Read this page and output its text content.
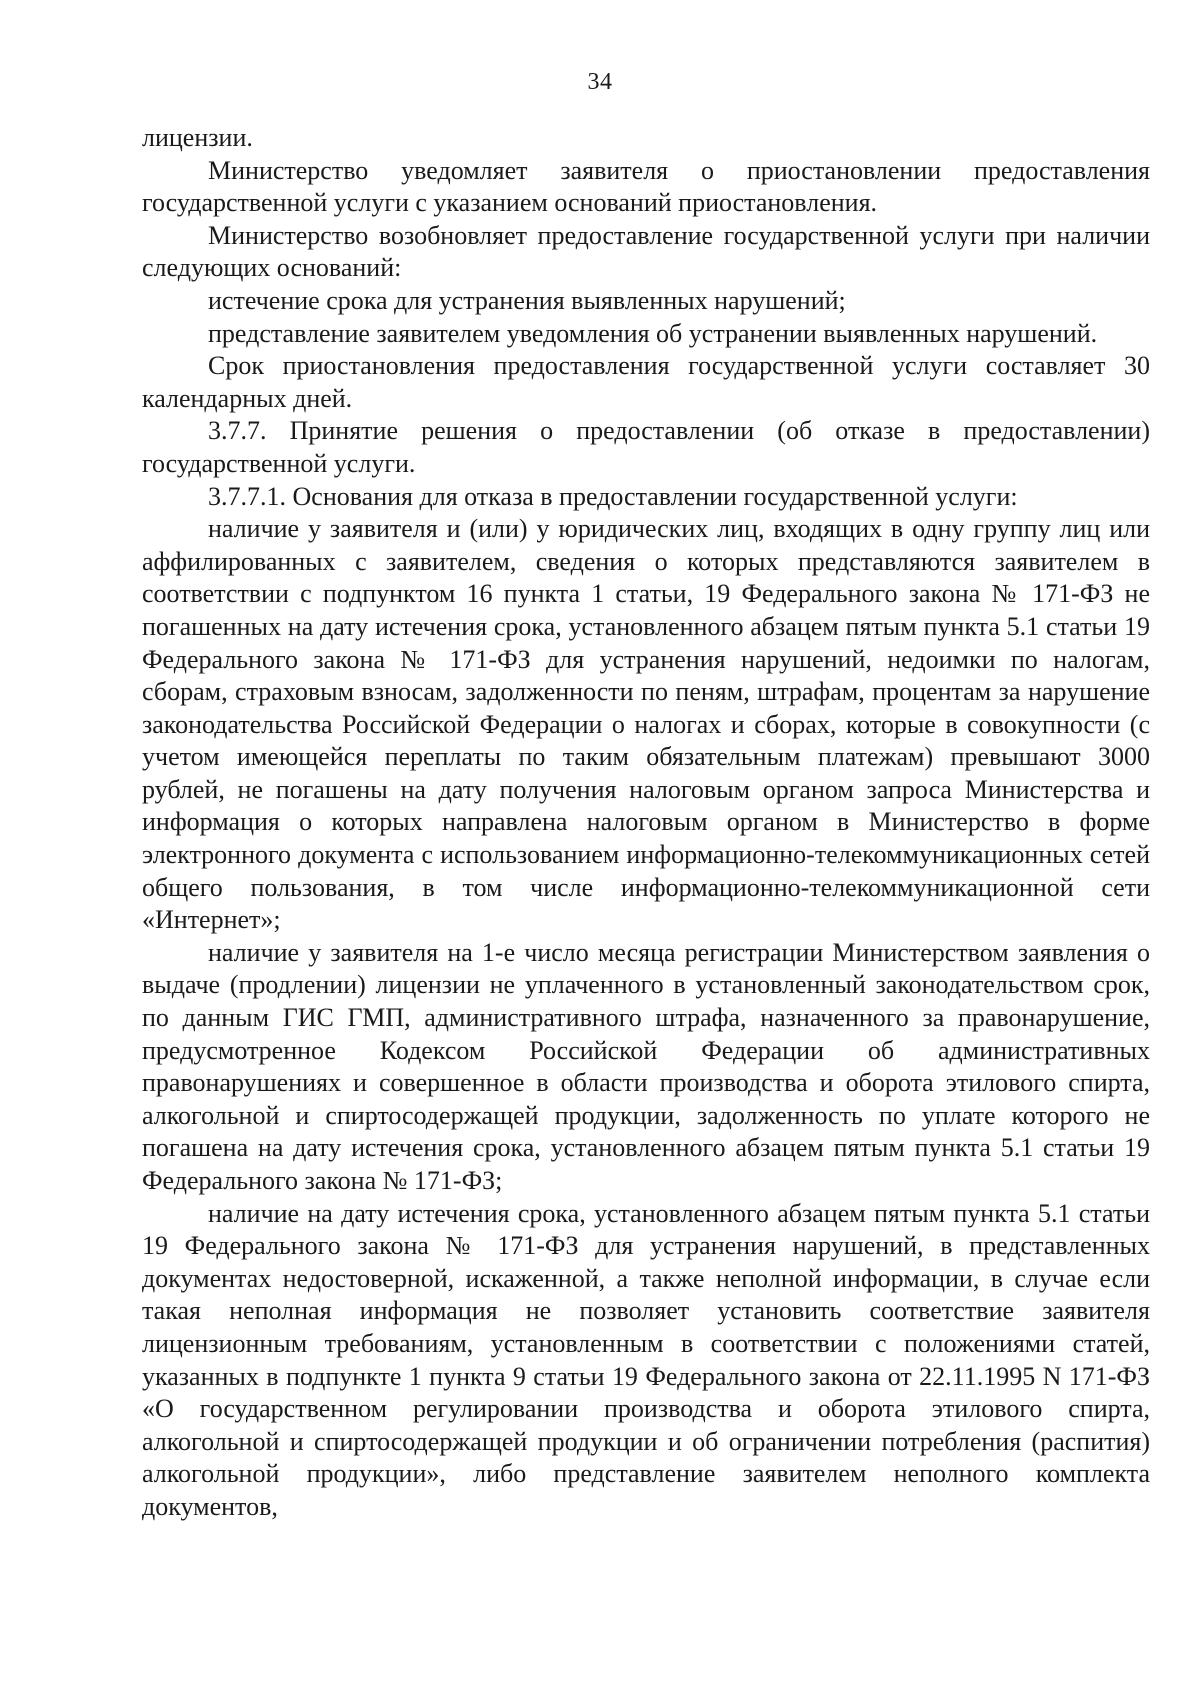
34

лицензии.

Министерство уведомляет заявителя о приостановлении предоставления государственной услуги с указанием оснований приостановления.

Министерство возобновляет предоставление государственной услуги при наличии следующих оснований:

истечение срока для устранения выявленных нарушений;

представление заявителем уведомления об устранении выявленных нарушений.

Срок приостановления предоставления государственной услуги составляет 30 календарных дней.

3.7.7. Принятие решения о предоставлении (об отказе в предоставлении) государственной услуги.

3.7.7.1. Основания для отказа в предоставлении государственной услуги:

наличие у заявителя и (или) у юридических лиц, входящих в одну группу лиц или аффилированных с заявителем, сведения о которых представляются заявителем в соответствии с подпунктом 16 пункта 1 статьи, 19 Федерального закона № 171-ФЗ не погашенных на дату истечения срока, установленного абзацем пятым пункта 5.1 статьи 19 Федерального закона № 171-ФЗ для устранения нарушений, недоимки по налогам, сборам, страховым взносам, задолженности по пеням, штрафам, процентам за нарушение законодательства Российской Федерации о налогах и сборах, которые в совокупности (с учетом имеющейся переплаты по таким обязательным платежам) превышают 3000 рублей, не погашены на дату получения налоговым органом запроса Министерства и информация о которых направлена налоговым органом в Министерство в форме электронного документа с использованием информационно-телекоммуникационных сетей общего пользования, в том числе информационно-телекоммуникационной сети «Интернет»;

наличие у заявителя на 1-е число месяца регистрации Министерством заявления о выдаче (продлении) лицензии не уплаченного в установленный законодательством срок, по данным ГИС ГМП, административного штрафа, назначенного за правонарушение, предусмотренное Кодексом Российской Федерации об административных правонарушениях и совершенное в области производства и оборота этилового спирта, алкогольной и спиртосодержащей продукции, задолженность по уплате которого не погашена на дату истечения срока, установленного абзацем пятым пункта 5.1 статьи 19 Федерального закона № 171-ФЗ;

наличие на дату истечения срока, установленного абзацем пятым пункта 5.1 статьи 19 Федерального закона № 171-ФЗ для устранения нарушений, в представленных документах недостоверной, искаженной, а также неполной информации, в случае если такая неполная информация не позволяет установить соответствие заявителя лицензионным требованиям, установленным в соответствии с положениями статей, указанных в подпункте 1 пункта 9 статьи 19 Федерального закона от 22.11.1995 N 171-ФЗ «О государственном регулировании производства и оборота этилового спирта, алкогольной и спиртосодержащей продукции и об ограничении потребления (распития) алкогольной продукции», либо представление заявителем неполного комплекта документов,
